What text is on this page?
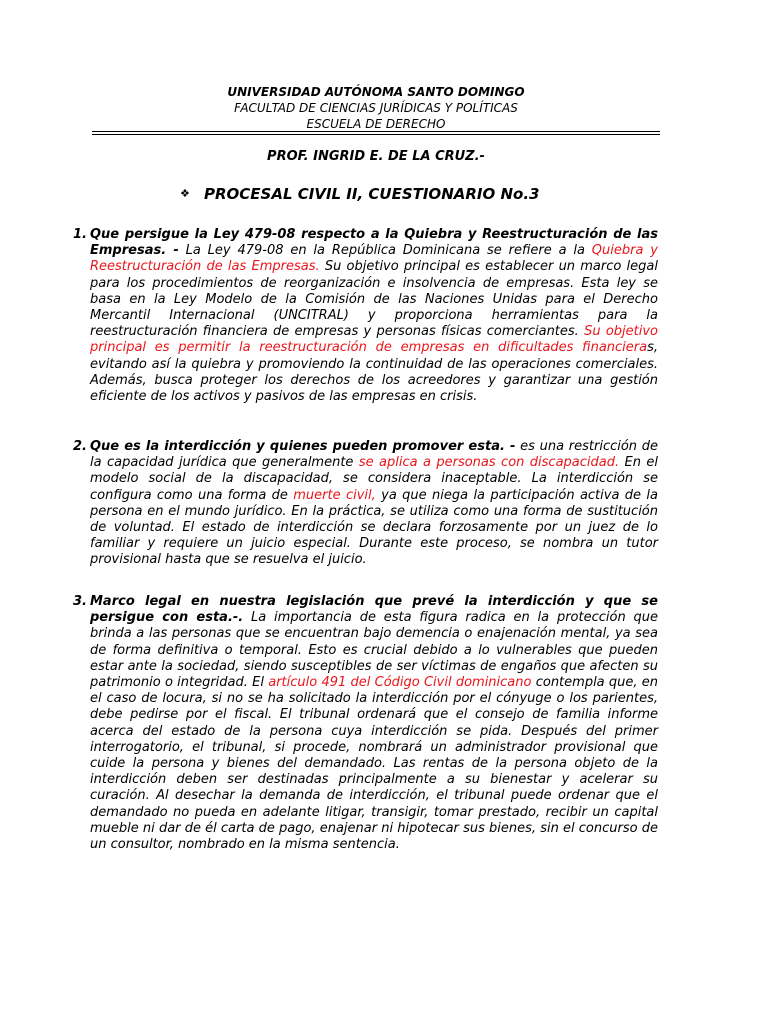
UNIVERSIDAD AUTÓNOMA SANTO DOMINGO
FACULTAD DE CIENCIAS JURÍDICAS Y POLÍTICAS
ESCUELA DE DERECHO
PROF. INGRID E. DE LA CRUZ.-
❖ PROCESAL CIVIL II, CUESTIONARIO No.3
1. Que persigue la Ley 479-08 respecto a la Quiebra y Reestructuración de las Empresas. - La Ley 479-08 en la República Dominicana se refiere a la Quiebra y Reestructuración de las Empresas. Su objetivo principal es establecer un marco legal para los procedimientos de reorganización e insolvencia de empresas. Esta ley se basa en la Ley Modelo de la Comisión de las Naciones Unidas para el Derecho Mercantil Internacional (UNCITRAL) y proporciona herramientas para la reestructuración financiera de empresas y personas físicas comerciantes. Su objetivo principal es permitir la reestructuración de empresas en dificultades financieras, evitando así la quiebra y promoviendo la continuidad de las operaciones comerciales. Además, busca proteger los derechos de los acreedores y garantizar una gestión eficiente de los activos y pasivos de las empresas en crisis.
2. Que es la interdicción y quienes pueden promover esta. - es una restricción de la capacidad jurídica que generalmente se aplica a personas con discapacidad. En el modelo social de la discapacidad, se considera inaceptable. La interdicción se configura como una forma de muerte civil, ya que niega la participación activa de la persona en el mundo jurídico. En la práctica, se utiliza como una forma de sustitución de voluntad. El estado de interdicción se declara forzosamente por un juez de lo familiar y requiere un juicio especial. Durante este proceso, se nombra un tutor provisional hasta que se resuelva el juicio.
3. Marco legal en nuestra legislación que prevé la interdicción y que se persigue con esta.-. La importancia de esta figura radica en la protección que brinda a las personas que se encuentran bajo demencia o enajenación mental, ya sea de forma definitiva o temporal. Esto es crucial debido a lo vulnerables que pueden estar ante la sociedad, siendo susceptibles de ser víctimas de engaños que afecten su patrimonio o integridad. El artículo 491 del Código Civil dominicano contempla que, en el caso de locura, si no se ha solicitado la interdicción por el cónyuge o los parientes, debe pedirse por el fiscal. El tribunal ordenará que el consejo de familia informe acerca del estado de la persona cuya interdicción se pida. Después del primer interrogatorio, el tribunal, si procede, nombrará un administrador provisional que cuide la persona y bienes del demandado. Las rentas de la persona objeto de la interdicción deben ser destinadas principalmente a su bienestar y acelerar su curación. Al desechar la demanda de interdicción, el tribunal puede ordenar que el demandado no pueda en adelante litigar, transigir, tomar prestado, recibir un capital mueble ni dar de él carta de pago, enajenar ni hipotecar sus bienes, sin el concurso de un consultor, nombrado en la misma sentencia.
